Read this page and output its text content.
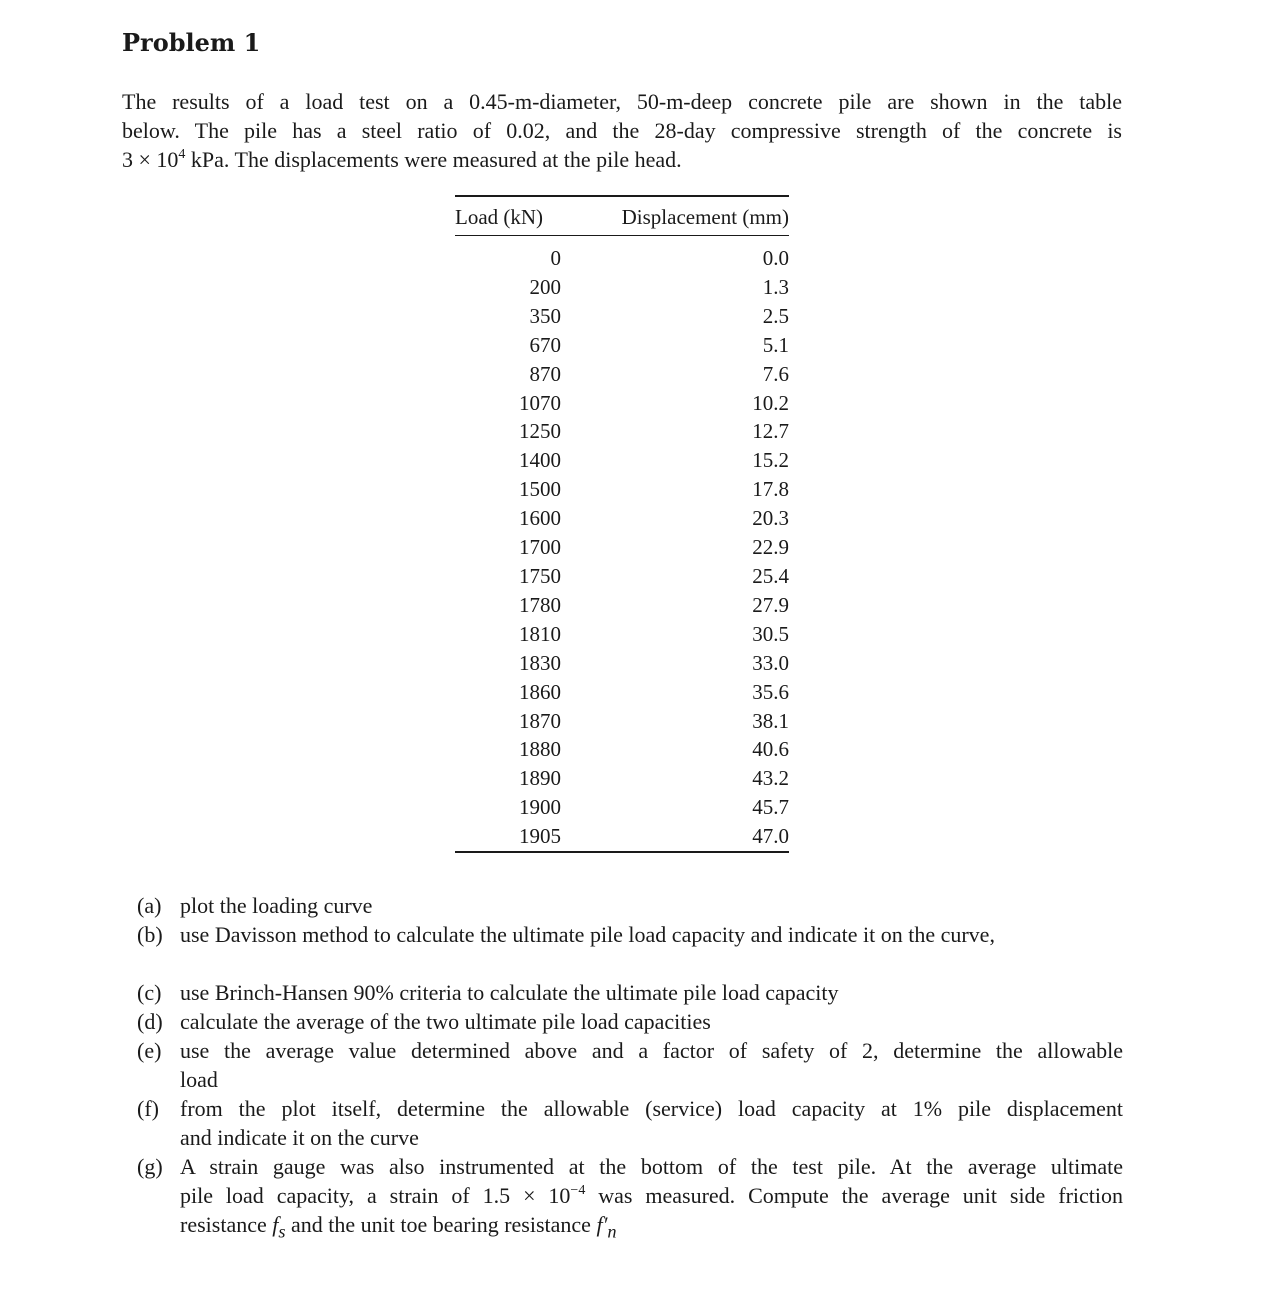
Problem 1

The results of a load test on a 0.45-m-diameter, 50-m-deep concrete pile are shown in the table
below. The pile has a steel ratio of 0.02, and the 28-day compressive strength of the concrete is
$3 \times 10^4$ kPa. The displacements were measured at the pile head.

Load (kN)	Displacement (mm)
0	0.0
200	1.3
350	2.5
670	5.1
870	7.6
1070	10.2
1250	12.7
1400	15.2
1500	17.8
1600	20.3
1700	22.9
1750	25.4
1780	27.9
1810	30.5
1830	33.0
1860	35.6
1870	38.1
1880	40.6
1890	43.2
1900	45.7
1905	47.0
(a) plot the loading curve
(b) use Davisson method to calculate the ultimate pile load capacity and indicate it on the curve,
(c) use Brinch-Hansen 90% criteria to calculate the ultimate pile load capacity
(d) calculate the average of the two ultimate pile load capacities
(e) use the average value determined above and a factor of safety of 2, determine the allowable
load
(f) from the plot itself, determine the allowable (service) load capacity at 1% pile displacement
and indicate it on the curve
(g) A strain gauge was also instrumented at the bottom of the test pile. At the average ultimate
pile load capacity, a strain of $1.5 \times 10^{-4}$ was measured. Compute the average unit side friction
resistance $f_s$ and the unit toe bearing resistance $f'_n$
